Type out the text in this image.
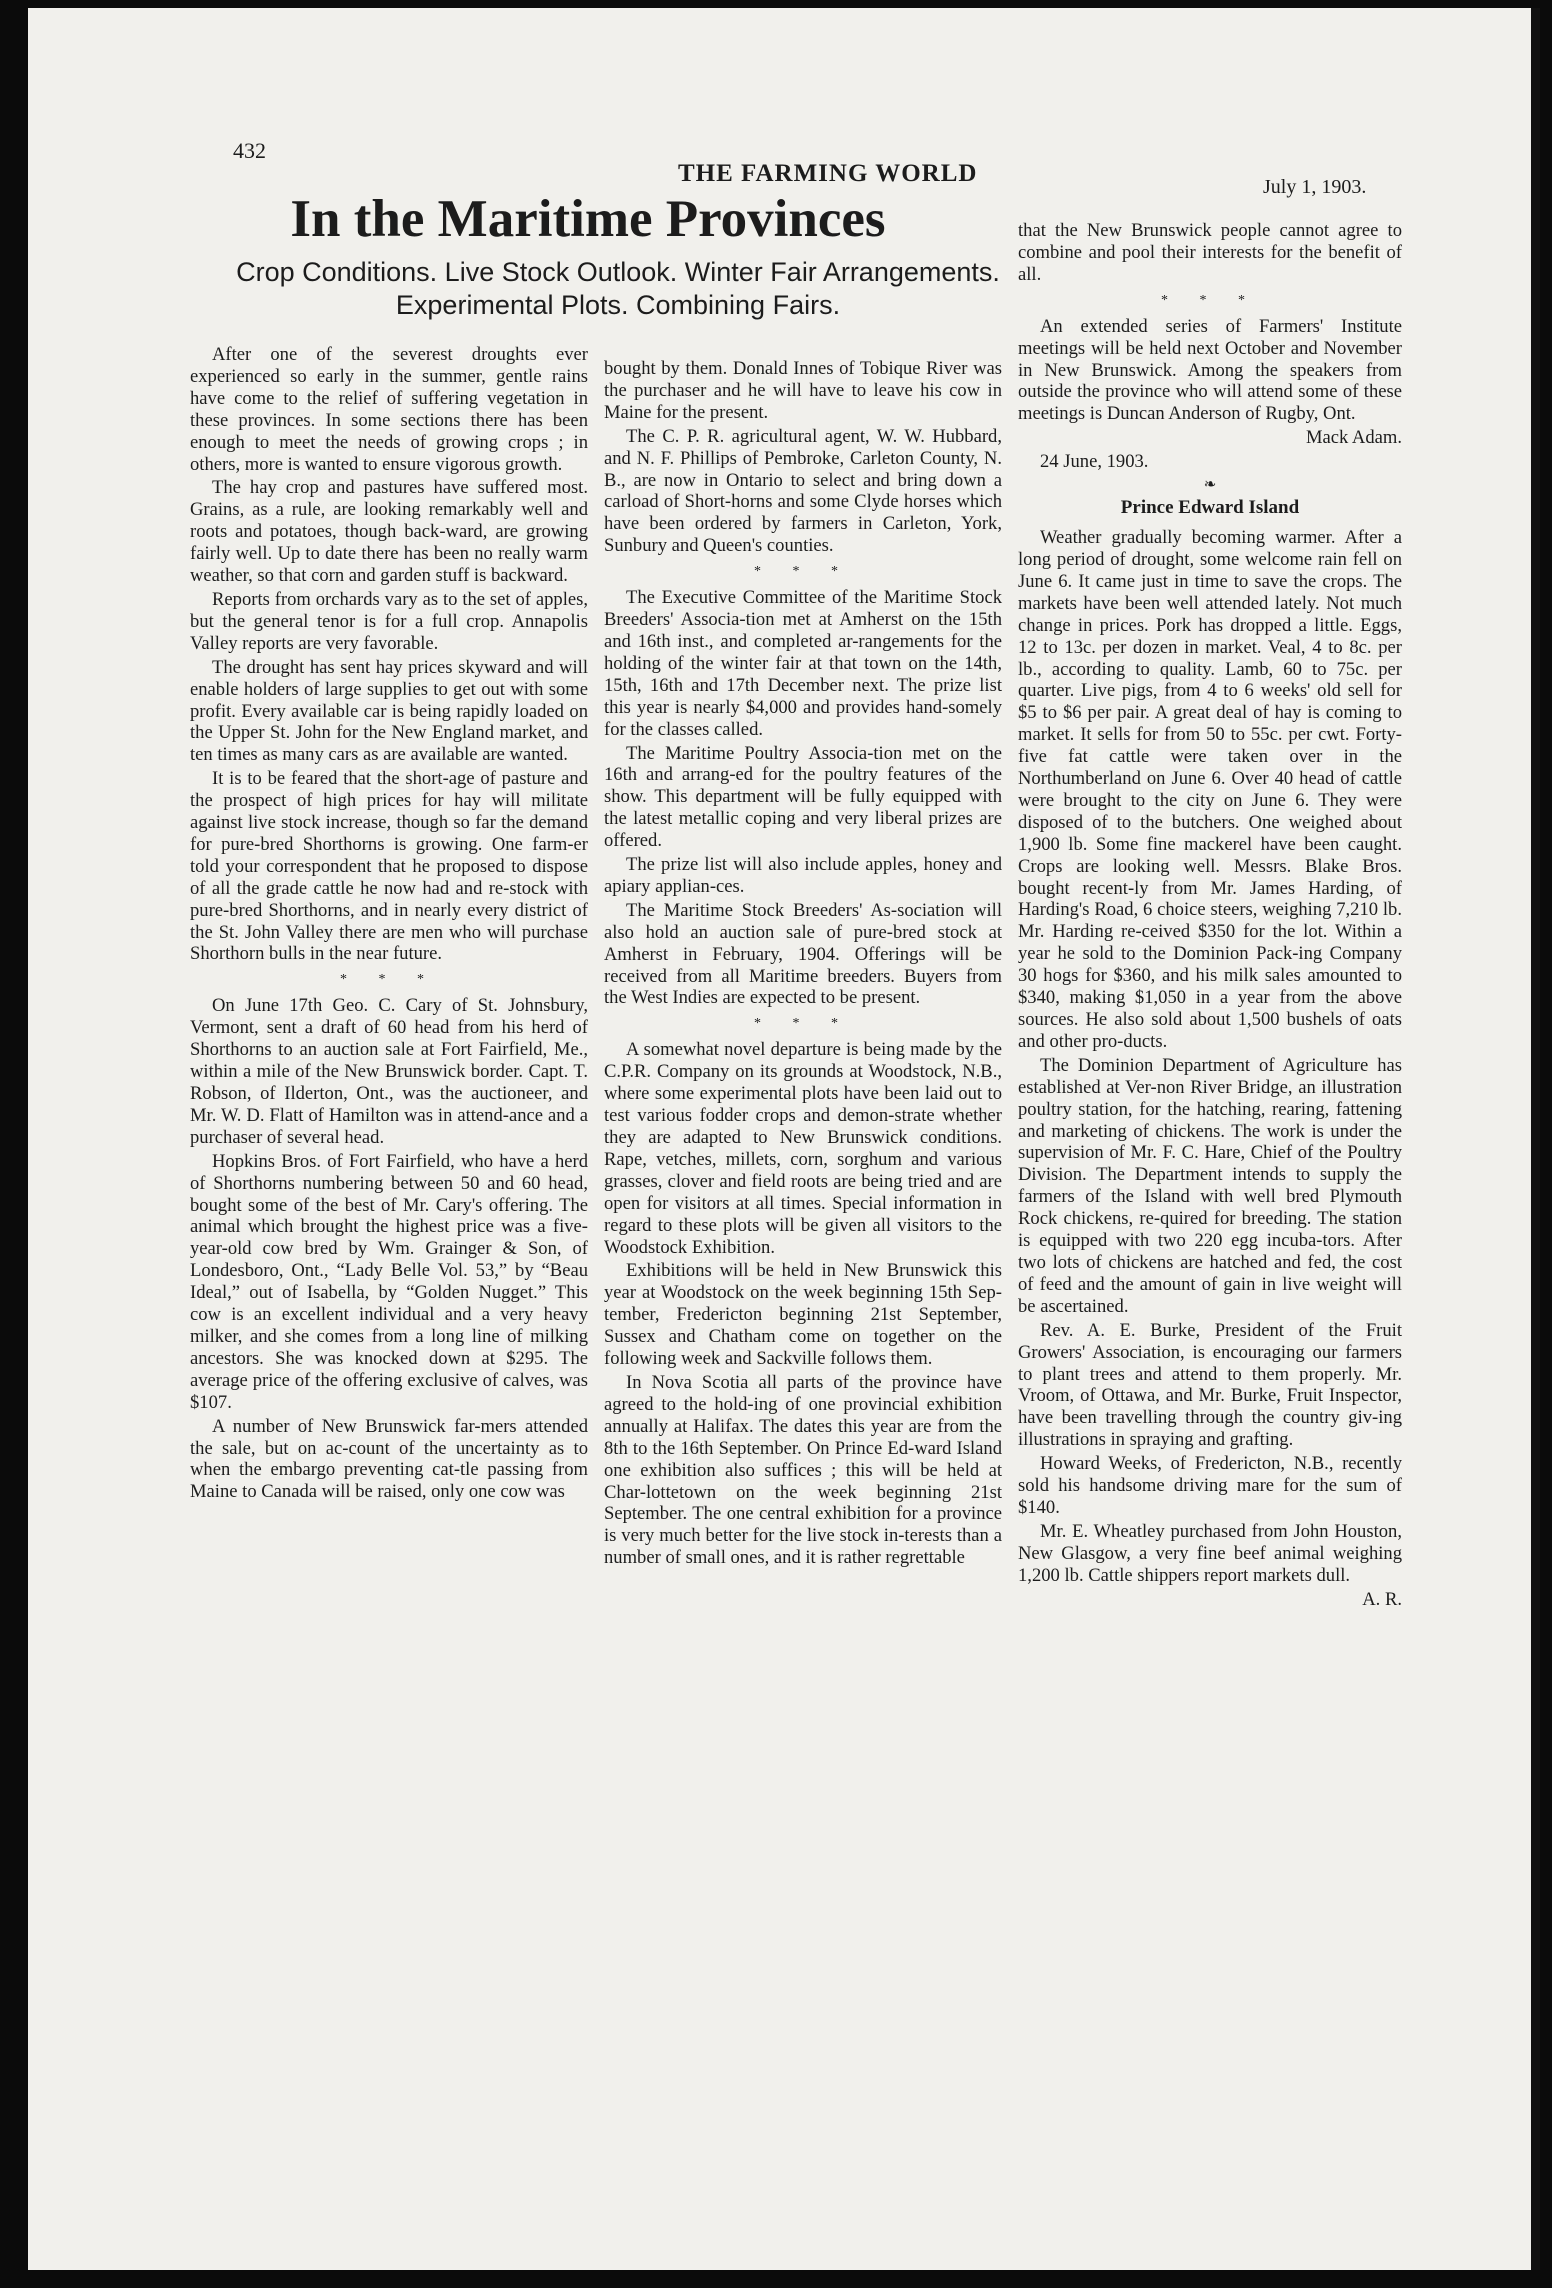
432
THE FARMING WORLD	July 1, 1903.
In the Maritime Provinces
Crop Conditions. Live Stock Outlook. Winter Fair Arrangements. Experimental Plots. Combining Fairs.

After one of the severest droughts ever experienced so early in the summer, gentle rains have come to the relief of suffering vegetation in these provinces. In some sections there has been enough to meet the needs of growing crops ; in others, more is wanted to ensure vigorous growth.

The hay crop and pastures have suffered most. Grains, as a rule, are looking remarkably well and roots and potatoes, though back-ward, are growing fairly well. Up to date there has been no really warm weather, so that corn and garden stuff is backward.

Reports from orchards vary as to the set of apples, but the general tenor is for a full crop. Annapolis Valley reports are very favorable.

The drought has sent hay prices skyward and will enable holders of large supplies to get out with some profit. Every available car is being rapidly loaded on the Upper St. John for the New England market, and ten times as many cars as are available are wanted.

It is to be feared that the short-age of pasture and the prospect of high prices for hay will militate against live stock increase, though so far the demand for pure-bred Shorthorns is growing. One farm-er told your correspondent that he proposed to dispose of all the grade cattle he now had and re-stock with pure-bred Shorthorns, and in nearly every district of the St. John Valley there are men who will purchase Shorthorn bulls in the near future.

* * *

On June 17th Geo. C. Cary of St. Johnsbury, Vermont, sent a draft of 60 head from his herd of Shorthorns to an auction sale at Fort Fairfield, Me., within a mile of the New Brunswick border. Capt. T. Robson, of Ilderton, Ont., was the auctioneer, and Mr. W. D. Flatt of Hamilton was in attend-ance and a purchaser of several head.

Hopkins Bros. of Fort Fairfield, who have a herd of Shorthorns numbering between 50 and 60 head, bought some of the best of Mr. Cary's offering. The animal which brought the highest price was a five-year-old cow bred by Wm. Grainger & Son, of Londesboro, Ont., “Lady Belle Vol. 53,” by “Beau Ideal,” out of Isabella, by “Golden Nugget.” This cow is an excellent individual and a very heavy milker, and she comes from a long line of milking ancestors. She was knocked down at $295. The average price of the offering exclusive of calves, was $107.

A number of New Brunswick far-mers attended the sale, but on ac-count of the uncertainty as to when the embargo preventing cat-tle passing from Maine to Canada will be raised, only one cow was

bought by them. Donald Innes of Tobique River was the purchaser and he will have to leave his cow in Maine for the present.

The C. P. R. agricultural agent, W. W. Hubbard, and N. F. Phillips of Pembroke, Carleton County, N. B., are now in Ontario to select and bring down a carload of Short-horns and some Clyde horses which have been ordered by farmers in Carleton, York, Sunbury and Queen's counties.

* * *

The Executive Committee of the Maritime Stock Breeders' Associa-tion met at Amherst on the 15th and 16th inst., and completed ar-rangements for the holding of the winter fair at that town on the 14th, 15th, 16th and 17th December next. The prize list this year is nearly $4,000 and provides hand-somely for the classes called.

The Maritime Poultry Associa-tion met on the 16th and arrang-ed for the poultry features of the show. This department will be fully equipped with the latest metallic coping and very liberal prizes are offered.

The prize list will also include apples, honey and apiary applian-ces.

The Maritime Stock Breeders' As-sociation will also hold an auction sale of pure-bred stock at Amherst in February, 1904. Offerings will be received from all Maritime breeders. Buyers from the West Indies are expected to be present.

* * *

A somewhat novel departure is being made by the C.P.R. Company on its grounds at Woodstock, N.B., where some experimental plots have been laid out to test various fodder crops and demon-strate whether they are adapted to New Brunswick conditions. Rape, vetches, millets, corn, sorghum and various grasses, clover and field roots are being tried and are open for visitors at all times. Special information in regard to these plots will be given all visitors to the Woodstock Exhibition.

Exhibitions will be held in New Brunswick this year at Woodstock on the week beginning 15th Sep-tember, Fredericton beginning 21st September, Sussex and Chatham come on together on the following week and Sackville follows them.

In Nova Scotia all parts of the province have agreed to the hold-ing of one provincial exhibition annually at Halifax. The dates this year are from the 8th to the 16th September. On Prince Ed-ward Island one exhibition also suffices ; this will be held at Char-lottetown on the week beginning 21st September. The one central exhibition for a province is very much better for the live stock in-terests than a number of small ones, and it is rather regrettable

that the New Brunswick people cannot agree to combine and pool their interests for the benefit of all.

* * *

An extended series of Farmers' Institute meetings will be held next October and November in New Brunswick. Among the speakers from outside the province who will attend some of these meetings is Duncan Anderson of Rugby, Ont.

Mack Adam.

24 June, 1903.

❧
Prince Edward Island

Weather gradually becoming warmer. After a long period of drought, some welcome rain fell on June 6. It came just in time to save the crops. The markets have been well attended lately. Not much change in prices. Pork has dropped a little. Eggs, 12 to 13c. per dozen in market. Veal, 4 to 8c. per lb., according to quality. Lamb, 60 to 75c. per quarter. Live pigs, from 4 to 6 weeks' old sell for $5 to $6 per pair. A great deal of hay is coming to market. It sells for from 50 to 55c. per cwt. Forty-five fat cattle were taken over in the Northumberland on June 6. Over 40 head of cattle were brought to the city on June 6. They were disposed of to the butchers. One weighed about 1,900 lb. Some fine mackerel have been caught. Crops are looking well. Messrs. Blake Bros. bought recent-ly from Mr. James Harding, of Harding's Road, 6 choice steers, weighing 7,210 lb. Mr. Harding re-ceived $350 for the lot. Within a year he sold to the Dominion Pack-ing Company 30 hogs for $360, and his milk sales amounted to $340, making $1,050 in a year from the above sources. He also sold about 1,500 bushels of oats and other pro-ducts.

The Dominion Department of Agriculture has established at Ver-non River Bridge, an illustration poultry station, for the hatching, rearing, fattening and marketing of chickens. The work is under the supervision of Mr. F. C. Hare, Chief of the Poultry Division. The Department intends to supply the farmers of the Island with well bred Plymouth Rock chickens, re-quired for breeding. The station is equipped with two 220 egg incuba-tors. After two lots of chickens are hatched and fed, the cost of feed and the amount of gain in live weight will be ascertained.

Rev. A. E. Burke, President of the Fruit Growers' Association, is encouraging our farmers to plant trees and attend to them properly. Mr. Vroom, of Ottawa, and Mr. Burke, Fruit Inspector, have been travelling through the country giv-ing illustrations in spraying and grafting.

Howard Weeks, of Fredericton, N.B., recently sold his handsome driving mare for the sum of $140.

Mr. E. Wheatley purchased from John Houston, New Glasgow, a very fine beef animal weighing 1,200 lb. Cattle shippers report markets dull.

A. R.
